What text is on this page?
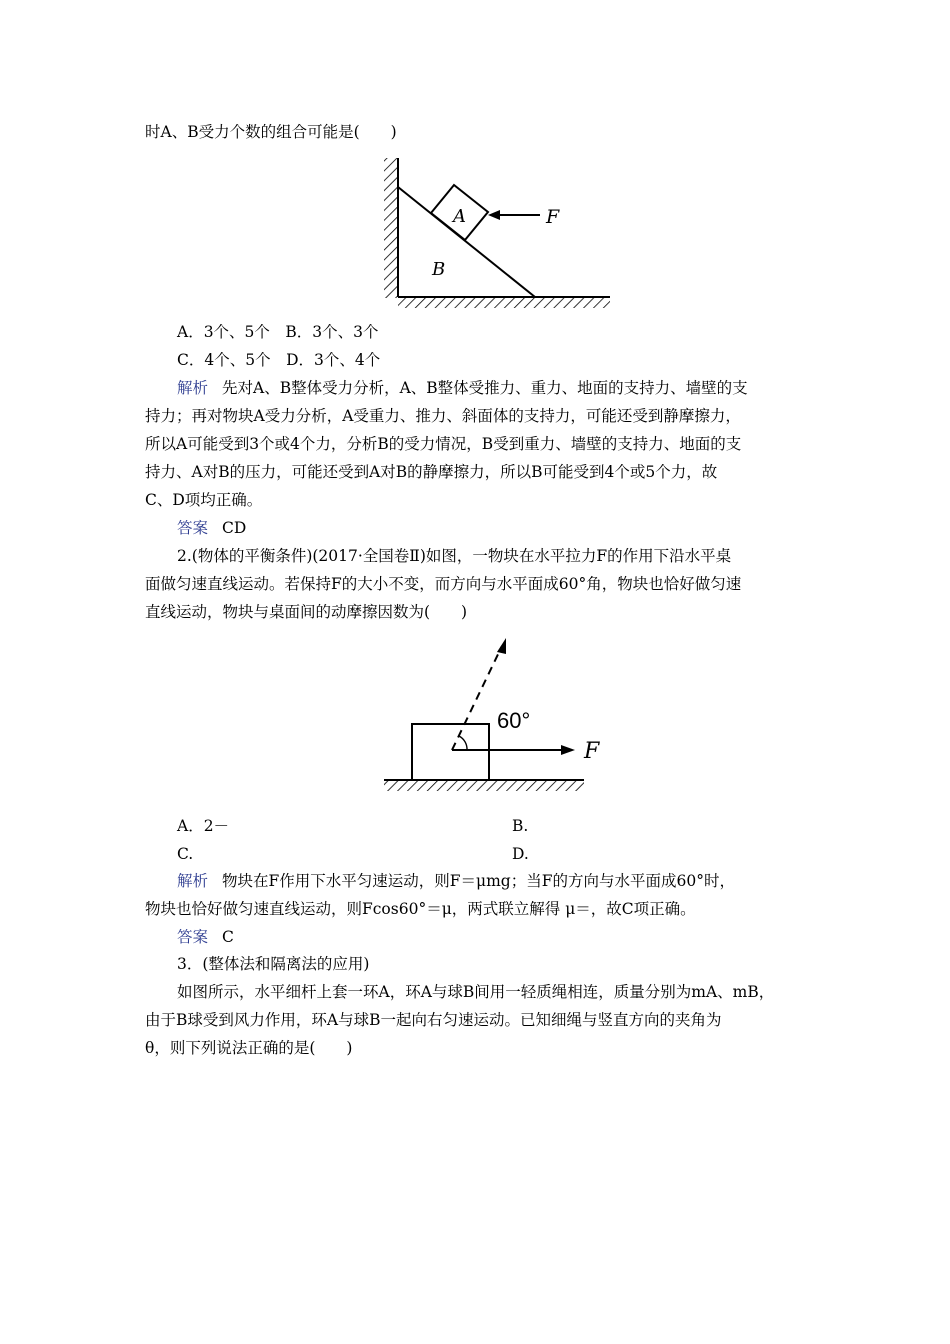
时A、B受力个数的组合可能是(　　)
A
B
F
A．3个、5个　B．3个、3个
C．4个、5个　D．3个、4个
解析 先对A、B整体受力分析，A、B整体受推力、重力、地面的支持力、墙壁的支
持力；再对物块A受力分析，A受重力、推力、斜面体的支持力，可能还受到静摩擦力，
所以A可能受到3个或4个力，分析B的受力情况，B受到重力、墙壁的支持力、地面的支
持力、A对B的压力，可能还受到A对B的静摩擦力，所以B可能受到4个或5个力，故
C、D项均正确。
答案 CD
2.(物体的平衡条件)(2017·全国卷Ⅱ)如图，一物块在水平拉力F的作用下沿水平桌
面做匀速直线运动。若保持F的大小不变，而方向与水平面成60°角，物块也恰好做匀速
直线运动，物块与桌面间的动摩擦因数为(　　)
60°
F
A．2－	B.
C.	D.
解析 物块在F作用下水平匀速运动，则F＝μmg；当F的方向与水平面成60°时，
物块也恰好做匀速直线运动，则Fcos60°＝μ，两式联立解得 μ＝，故C项正确。
答案 C
3．(整体法和隔离法的应用)
如图所示，水平细杆上套一环A，环A与球B间用一轻质绳相连，质量分别为mA、mB，
由于B球受到风力作用，环A与球B一起向右匀速运动。已知细绳与竖直方向的夹角为
θ，则下列说法正确的是(　　)
